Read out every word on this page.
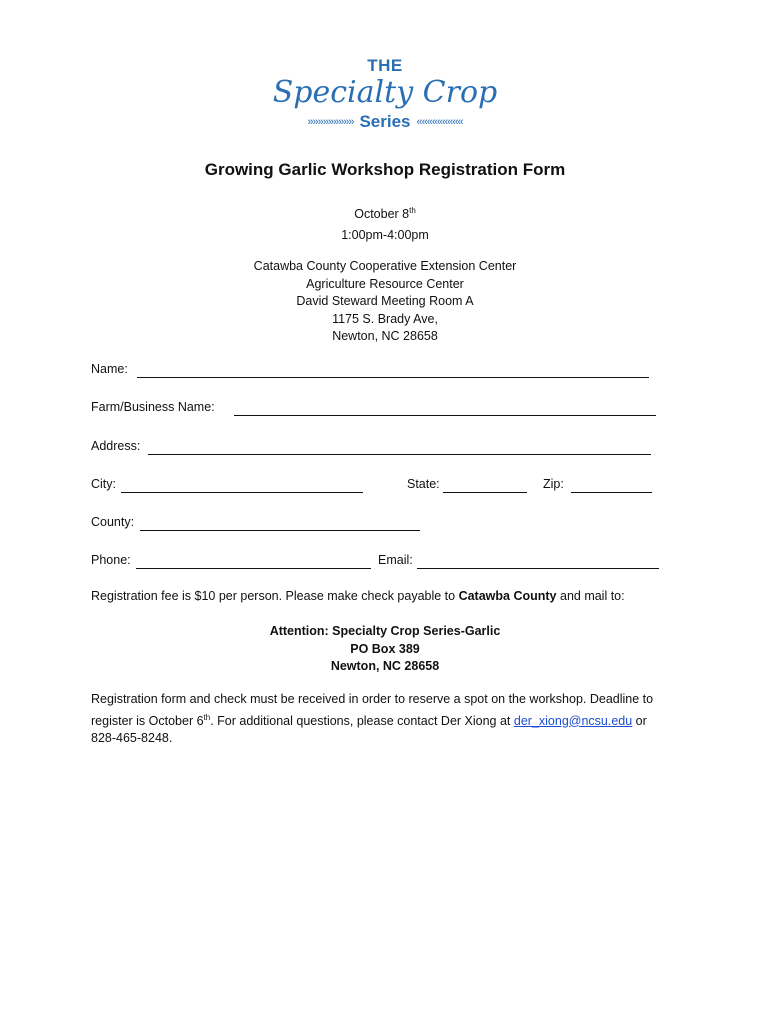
THE
Specialty Crop
»»»»»»»»» Series «««««««««
Growing Garlic Workshop Registration Form
October 8th
1:00pm-4:00pm
Catawba County Cooperative Extension Center
Agriculture Resource Center
David Steward Meeting Room A
1175 S. Brady Ave,
Newton, NC 28658
Name:
Farm/Business Name:
Address:
City:	State:	Zip:
County:
Phone:	Email:
Registration fee is $10 per person. Please make check payable to Catawba County and mail to:
Attention: Specialty Crop Series-Garlic
PO Box 389
Newton, NC 28658
Registration form and check must be received in order to reserve a spot on the workshop. Deadline to register is October 6th. For additional questions, please contact Der Xiong at der_xiong@ncsu.edu or 828-465-8248.
